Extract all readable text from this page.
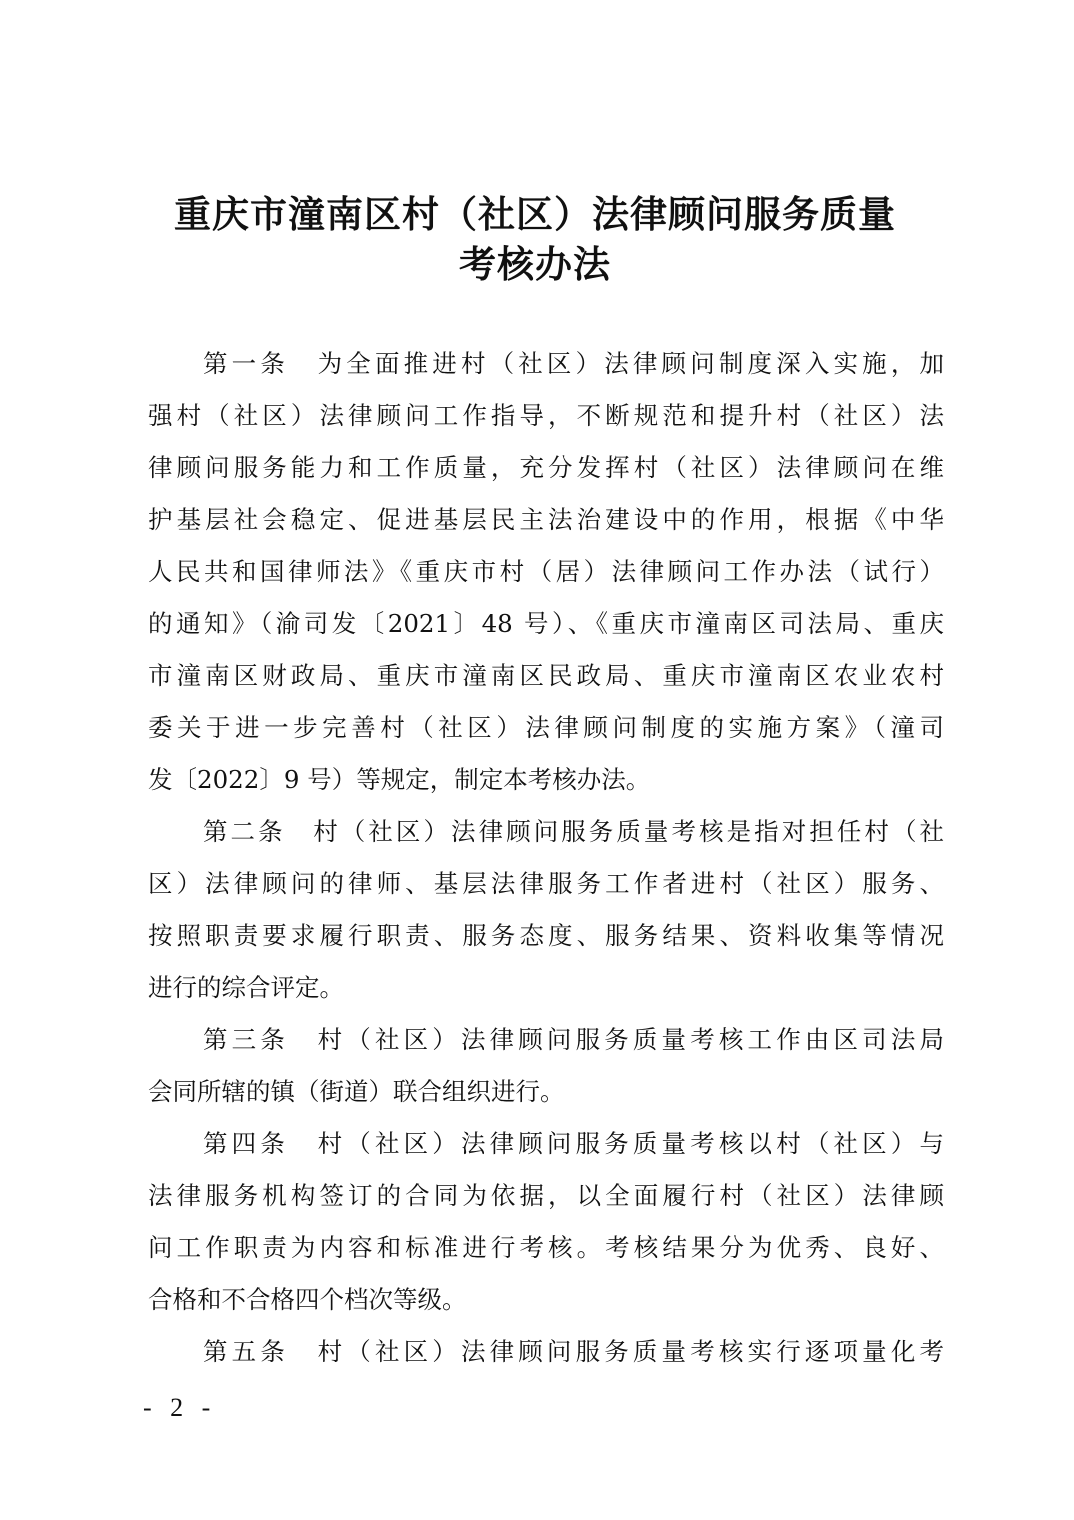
重庆市潼南区村（社区）法律顾问服务质量
考核办法
第一条　为全面推进村（社区）法律顾问制度深入实施，加
强村（社区）法律顾问工作指导，不断规范和提升村（社区）法
律顾问服务能力和工作质量，充分发挥村（社区）法律顾问在维
护基层社会稳定、促进基层民主法治建设中的作用，根据《中华
人民共和国律师法》《重庆市村（居）法律顾问工作办法（试行）
的通知》（渝司发〔2021〕48 号）、《重庆市潼南区司法局、重庆
市潼南区财政局、重庆市潼南区民政局、重庆市潼南区农业农村
委关于进一步完善村（社区）法律顾问制度的实施方案》（潼司
发〔2022〕9 号）等规定，制定本考核办法。
第二条　村（社区）法律顾问服务质量考核是指对担任村（社
区）法律顾问的律师、基层法律服务工作者进村（社区）服务、
按照职责要求履行职责、服务态度、服务结果、资料收集等情况
进行的综合评定。
第三条　村（社区）法律顾问服务质量考核工作由区司法局
会同所辖的镇（街道）联合组织进行。
第四条　村（社区）法律顾问服务质量考核以村（社区）与
法律服务机构签订的合同为依据，以全面履行村（社区）法律顾
问工作职责为内容和标准进行考核。考核结果分为优秀、良好、
合格和不合格四个档次等级。
第五条　村（社区）法律顾问服务质量考核实行逐项量化考
- 2 -
